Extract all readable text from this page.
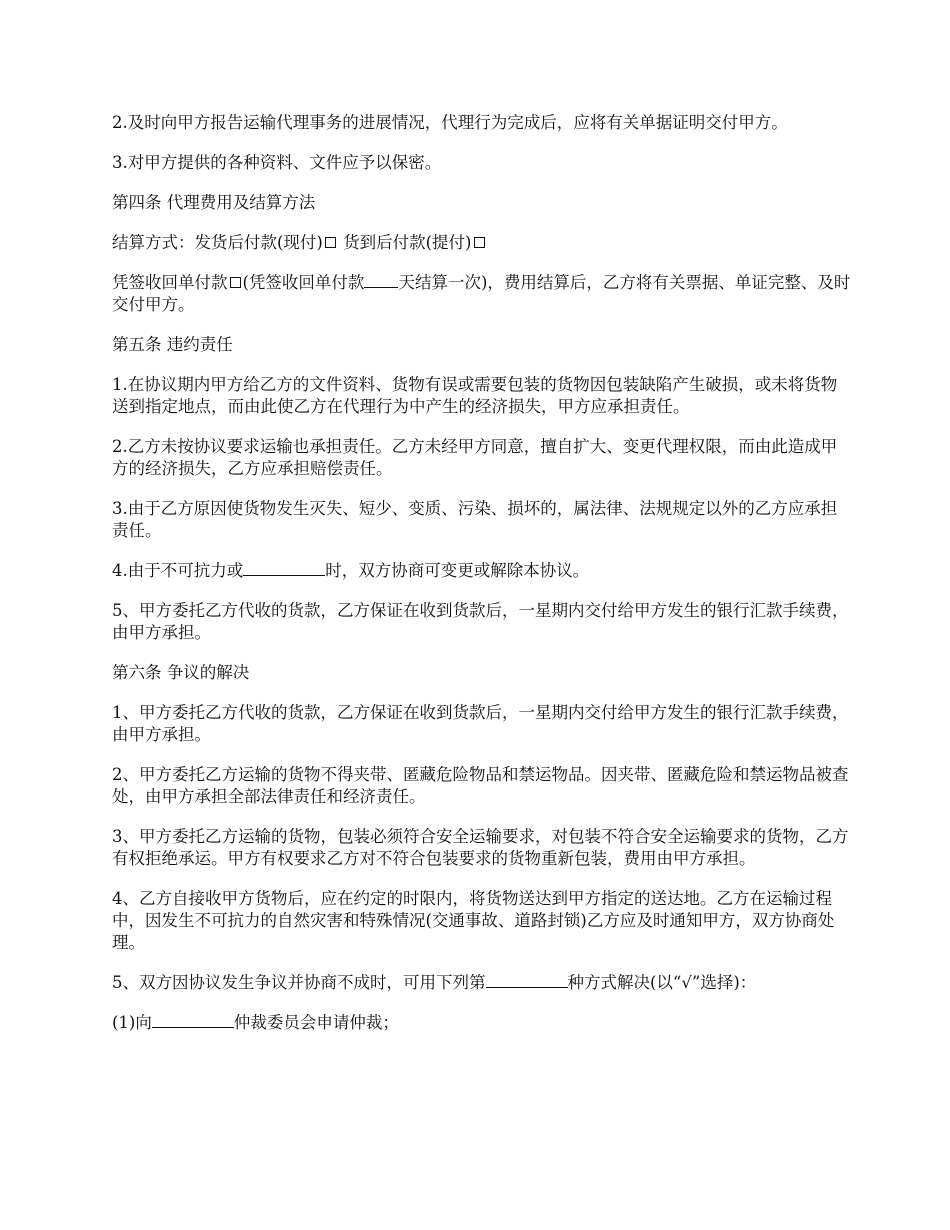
2.及时向甲方报告运输代理事务的进展情况，代理行为完成后，应将有关单据证明交付甲方。

3.对甲方提供的各种资料、文件应予以保密。

第四条 代理费用及结算方法

结算方式：发货后付款(现付) 货到后付款(提付)

凭签收回单付款 (凭签收回单付款 天结算一次)，费用结算后，乙方将有关票据、单证完整、及时交付甲方。

第五条 违约责任

1.在协议期内甲方给乙方的文件资料、货物有误或需要包装的货物因包装缺陷产生破损，或未将货物送到指定地点，而由此使乙方在代理行为中产生的经济损失，甲方应承担责任。

2.乙方未按协议要求运输也承担责任。乙方未经甲方同意，擅自扩大、变更代理权限，而由此造成甲方的经济损失，乙方应承担赔偿责任。

3.由于乙方原因使货物发生灭失、短少、变质、污染、损坏的，属法律、法规规定以外的乙方应承担责任。

4.由于不可抗力或	时，双方协商可变更或解除本协议。

5、甲方委托乙方代收的货款，乙方保证在收到货款后，一星期内交付给甲方发生的银行汇款手续费，由甲方承担。

第六条 争议的解决

1、甲方委托乙方代收的货款，乙方保证在收到货款后，一星期内交付给甲方发生的银行汇款手续费，由甲方承担。

2、甲方委托乙方运输的货物不得夹带、匿藏危险物品和禁运物品。因夹带、匿藏危险和禁运物品被查处，由甲方承担全部法律责任和经济责任。

3、甲方委托乙方运输的货物，包装必须符合安全运输要求，对包装不符合安全运输要求的货物，乙方有权拒绝承运。甲方有权要求乙方对不符合包装要求的货物重新包装，费用由甲方承担。

4、乙方自接收甲方货物后，应在约定的时限内，将货物送达到甲方指定的送达地。乙方在运输过程中，因发生不可抗力的自然灾害和特殊情况(交通事故、道路封锁)乙方应及时通知甲方，双方协商处理。

5、双方因协议发生争议并协商不成时，可用下列第	种方式解决(以“√”选择)：

(1)向	仲裁委员会申请仲裁；
